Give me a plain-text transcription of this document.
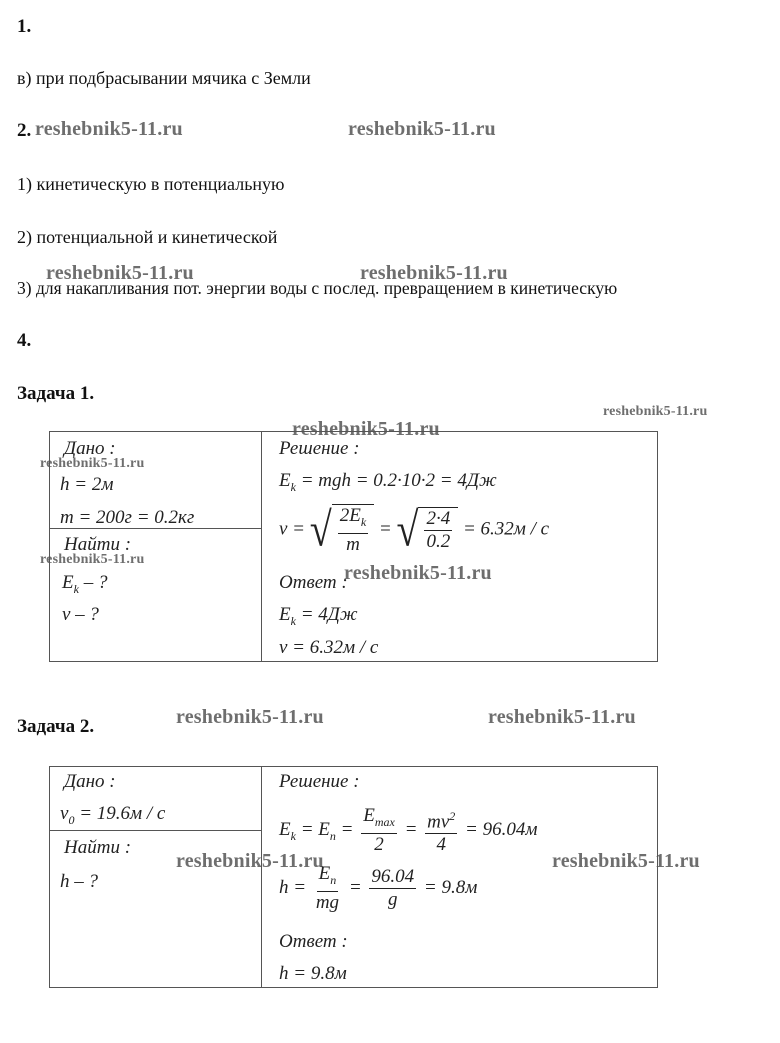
1.
в) при подбрасывании мячика с Земли
2.
1) кинетическую в потенциальную
2) потенциальной и кинетической
3) для накапливания пот. энергии воды с послед. превращением в кинетическую
4.
Задача 1.
Задача 2.
reshebnik5-11.ru	reshebnik5-11.ru
reshebnik5-11.ru	reshebnik5-11.ru
reshebnik5-11.ru
reshebnik5-11.ru
reshebnik5-11.ru
reshebnik5-11.ru
reshebnik5-11.ru
reshebnik5-11.ru	reshebnik5-11.ru
reshebnik5-11.ru	reshebnik5-11.ru
Дано :
h = 2м
m = 200г = 0.2кг
Найти :
$E_k$ – ?
v – ?
Решение :
$E_k$ = mgh = 0.2·10·2 = 4Дж
v = √ $\frac{2E_k}{m}$ = √ $\frac{2\cdot 4}{0.2} = 6.32м / с$
Ответ :
$E_k = 4Дж$
v = 6.32м / с
Дано :
$v_0 = 19.6м / с$
Найти :
h – ?
Решение :
$E_k = E_n = \frac{E_{max}}{2} = \frac{mv^2}{4} = 96.04м$
$h = \frac{E_n}{mg} = \frac{96.04}{g} = 9.8м$
Ответ :
h = 9.8м
